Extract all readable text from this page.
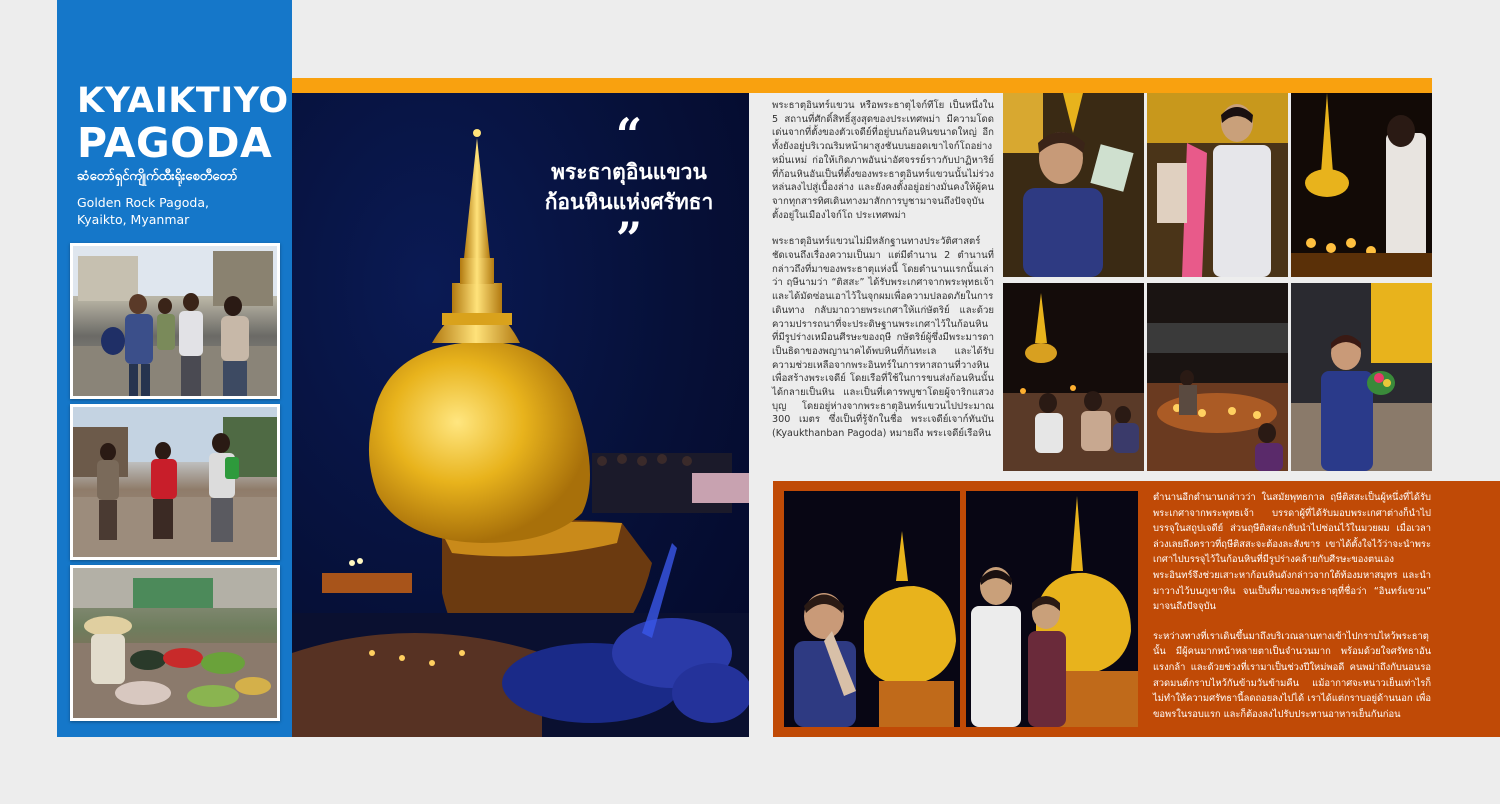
KYAIKTIYO
PAGODA
ဆံတော်ရှင်ကျိုက်ထီးရိုးစေတီတော်
Golden Rock Pagoda,
Kyaikto, Myanmar
“
พระธาตุอินแขวน
ก้อนหินแห่งศรัทธา
”

พระธาตุอินทร์แขวน หรือพระธาตุไจก์ทีโย เป็นหนึ่งใน 5 สถานที่ศักดิ์สิทธิ์สูงสุดของประเทศพม่า มีความโดดเด่นจากที่ตั้งของตัวเจดีย์ที่อยู่บนก้อนหินขนาดใหญ่ อีกทั้งยังอยู่บริเวณริมหน้าผาสูงชันบนยอดเขาไจก์โถอย่างหมิ่นเหม่ ก่อให้เกิดภาพอันน่าอัศจรรย์ราวกับปาฏิหาริย์ที่ก้อนหินอันเป็นที่ตั้งของพระธาตุอินทร์แขวนนั้นไม่ร่วงหล่นลงไปสู่เบื้องล่าง และยังคงตั้งอยู่อย่างมั่นคงให้ผู้คนจากทุกสารทิศเดินทางมาสักการบูชามาจนถึงปัจจุบัน ตั้งอยู่ในเมืองไจก์โถ ประเทศพม่า

พระธาตุอินทร์แขวนไม่มีหลักฐานทางประวัติศาสตร์ชัดเจนถึงเรื่องความเป็นมา แต่มีตำนาน 2 ตำนานที่กล่าวถึงที่มาของพระธาตุแห่งนี้ โดยตำนานแรกนั้นเล่าว่า ฤษีนามว่า “ติสสะ” ได้รับพระเกศาจากพระพุทธเจ้า และได้มัดซ่อนเอาไว้ในจุกผมเพื่อความปลอดภัยในการเดินทาง กลับมาถวายพระเกศาให้แก่ษัตริย์ และด้วยความปรารถนาที่จะประดิษฐานพระเกศาไว้ในก้อนหินที่มีรูปร่างเหมือนศีรษะของฤษี กษัตริย์ผู้ซึ่งมีพระมารดาเป็นธิดาของพญานาคได้พบหินที่ก้นทะเล และได้รับความช่วยเหลือจากพระอินทร์ในการหาสถานที่วางหินเพื่อสร้างพระเจดีย์ โดยเรือที่ใช้ในการขนส่งก้อนหินนั้นได้กลายเป็นหิน และเป็นที่เคารพบูชาโดยผู้จาริกแสวงบุญ โดยอยู่ห่างจากพระธาตุอินทร์แขวนไปประมาณ 300 เมตร ซึ่งเป็นที่รู้จักในชื่อ พระเจดีย์เจาก์ทันบัน (Kyaukthanban Pagoda) หมายถึง พระเจดีย์เรือหิน

ตำนานอีกตำนานกล่าวว่า ในสมัยพุทธกาล ฤษีติสสะเป็นผู้หนึ่งที่ได้รับพระเกศาจากพระพุทธเจ้า บรรดาผู้ที่ได้รับมอบพระเกศาต่างก็นำไปบรรจุในสถูปเจดีย์ ส่วนฤษีติสสะกลับนำไปซ่อนไว้ในมวยผม เมื่อเวลาล่วงเลยถึงคราวที่ฤษีติสสะจะต้องละสังขาร เขาได้ตั้งใจไว้ว่าจะนำพระเกศาไปบรรจุไว้ในก้อนหินที่มีรูปร่างคล้ายกับศีรษะของตนเอง พระอินทร์จึงช่วยเสาะหาก้อนหินดังกล่าวจากใต้ท้องมหาสมุทร และนำมาวางไว้บนภูเขาหิน จนเป็นที่มาของพระธาตุที่ชื่อว่า “อินทร์แขวน” มาจนถึงปัจจุบัน

ระหว่างทางที่เราเดินขึ้นมาถึงบริเวณลานทางเข้าไปกราบไหว้พระธาตุนั้น มีผู้คนมากหน้าหลายตาเป็นจำนวนมาก พร้อมด้วยใจศรัทธาอันแรงกล้า และด้วยช่วงที่เรามาเป็นช่วงปีใหม่พอดี คนพม่าถึงกับนอนรอ สวดมนต์กราบไหว้กันข้ามวันข้ามคืน แม้อากาศจะหนาวเย็นเท่าไรก็ไม่ทำให้ความศรัทธานี้ลดถอยลงไปได้ เราได้แต่กราบอยู่ด้านนอก เพื่อขอพรในรอบแรก และก็ต้องลงไปรับประทานอาหารเย็นกันก่อน
